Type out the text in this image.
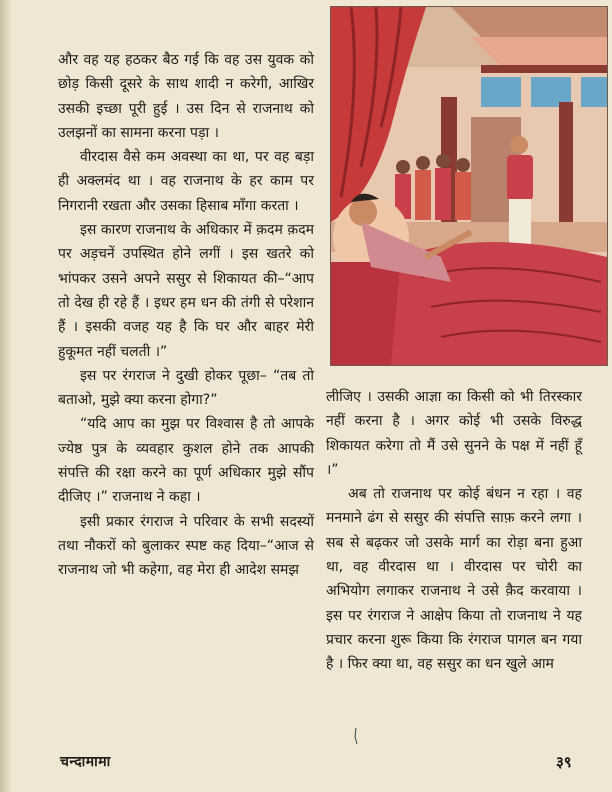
और वह यह हठकर बैठ गई कि वह उस युवक को छोड़ किसी दूसरे के साथ शादी न करेगी, आखिर उसकी इच्छा पूरी हुई । उस दिन से राजनाथ को उलझनों का सामना करना पड़ा ।

वीरदास वैसे कम अवस्था का था, पर वह बड़ा ही अक्लमंद था । वह राजनाथ के हर काम पर निगरानी रखता और उसका हिसाब माँगा करता ।

इस कारण राजनाथ के अधिकार में क़दम क़दम पर अड़चनें उपस्थित होने लगीं । इस खतरे को भांपकर उसने अपने ससुर से शिकायत की–“आप तो देख ही रहे हैं । इधर हम धन की तंगी से परेशान हैं । इसकी वजह यह है कि घर और बाहर मेरी हुकूमत नहीं चलती ।”

इस पर रंगराज ने दुखी होकर पूछा– “तब तो बताओ, मुझे क्या करना होगा?”

“यदि आप का मुझ पर विश्वास है तो आपके ज्येष्ठ पुत्र के व्यवहार कुशल होने तक आपकी संपत्ति की रक्षा करने का पूर्ण अधिकार मुझे सौंप दीजिए ।” राजनाथ ने कहा ।

इसी प्रकार रंगराज ने परिवार के सभी सदस्यों तथा नौकरों को बुलाकर स्पष्ट कह दिया–“आज से राजनाथ जो भी कहेगा, वह मेरा ही आदेश समझ

लीजिए । उसकी आज्ञा का किसी को भी तिरस्कार नहीं करना है । अगर कोई भी उसके विरुद्ध शिकायत करेगा तो मैं उसे सुनने के पक्ष में नहीं हूँ ।”

अब तो राजनाथ पर कोई बंधन न रहा । वह मनमाने ढंग से ससुर की संपत्ति साफ़ करने लगा । सब से बढ़कर जो उसके मार्ग का रोड़ा बना हुआ था, वह वीरदास था । वीरदास पर चोरी का अभियोग लगाकर राजनाथ ने उसे क़ैद करवाया । इस पर रंगराज ने आक्षेप किया तो राजनाथ ने यह प्रचार करना शुरू किया कि रंगराज पागल बन गया है । फिर क्या था, वह ससुर का धन खुले आम

चन्दामामा	३९
